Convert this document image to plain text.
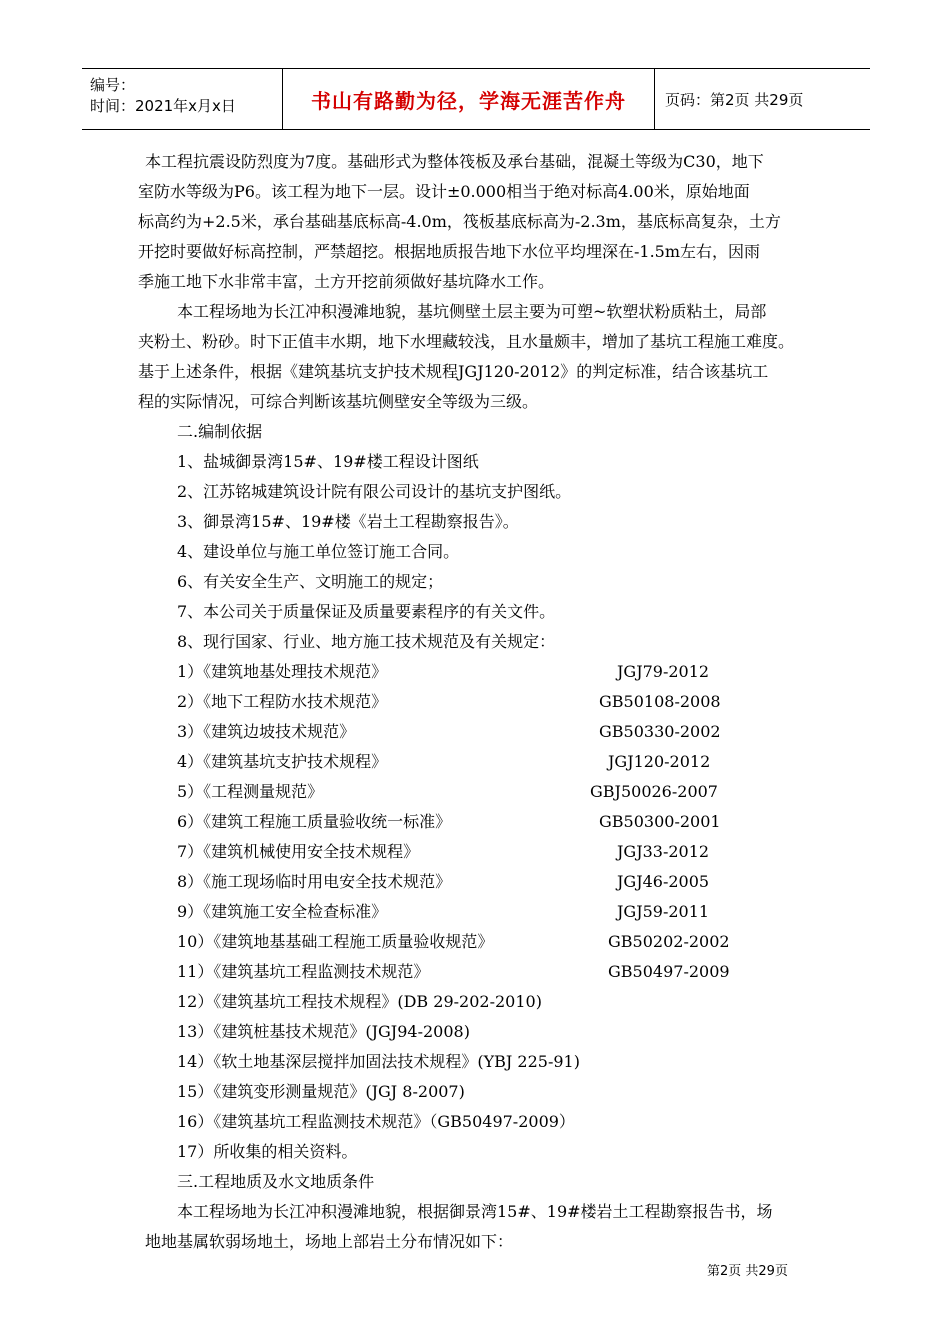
编号：
时间：2021年x月x日	书山有路勤为径，学海无涯苦作舟	页码：第2页 共29页
本工程抗震设防烈度为7度。基础形式为整体筏板及承台基础，混凝土等级为C30，地下
室防水等级为P6。该工程为地下一层。设计±0.000相当于绝对标高4.00米，原始地面
标高约为+2.5米，承台基础基底标高-4.0m，筏板基底标高为-2.3m，基底标高复杂，土方
开挖时要做好标高控制，严禁超挖。根据地质报告地下水位平均埋深在-1.5m左右，因雨
季施工地下水非常丰富，土方开挖前须做好基坑降水工作。
本工程场地为长江冲积漫滩地貌，基坑侧壁土层主要为可塑~软塑状粉质粘土，局部
夹粉土、粉砂。时下正值丰水期，地下水埋藏较浅，且水量颇丰，增加了基坑工程施工难度。
基于上述条件，根据《建筑基坑支护技术规程JGJ120-2012》的判定标准，结合该基坑工
程的实际情况，可综合判断该基坑侧壁安全等级为三级。
二.编制依据
1、盐城御景湾15#、19#楼工程设计图纸
2、江苏铭城建筑设计院有限公司设计的基坑支护图纸。
3、御景湾15#、19#楼《岩土工程勘察报告》。
4、建设单位与施工单位签订施工合同。
6、有关安全生产、文明施工的规定；
7、本公司关于质量保证及质量要素程序的有关文件。
8、现行国家、行业、地方施工技术规范及有关规定：
1）《建筑地基处理技术规范》	JGJ79-2012
2）《地下工程防水技术规范》	GB50108-2008
3）《建筑边坡技术规范》	GB50330-2002
4）《建筑基坑支护技术规程》	JGJ120-2012
5）《工程测量规范》	GBJ50026-2007
6）《建筑工程施工质量验收统一标准》	GB50300-2001
7）《建筑机械使用安全技术规程》	JGJ33-2012
8）《施工现场临时用电安全技术规范》	JGJ46-2005
9）《建筑施工安全检查标准》	JGJ59-2011
10）《建筑地基基础工程施工质量验收规范》	GB50202-2002
11）《建筑基坑工程监测技术规范》	GB50497-2009
12）《建筑基坑工程技术规程》(DB 29-202-2010)
13）《建筑桩基技术规范》(JGJ94-2008)
14）《软土地基深层搅拌加固法技术规程》(YBJ 225-91)
15）《建筑变形测量规范》(JGJ 8-2007)
16）《建筑基坑工程监测技术规范》（GB50497-2009）
17）所收集的相关资料。
三.工程地质及水文地质条件
本工程场地为长江冲积漫滩地貌，根据御景湾15#、19#楼岩土工程勘察报告书，场
地地基属软弱场地土，场地上部岩土分布情况如下：
第2页 共29页
